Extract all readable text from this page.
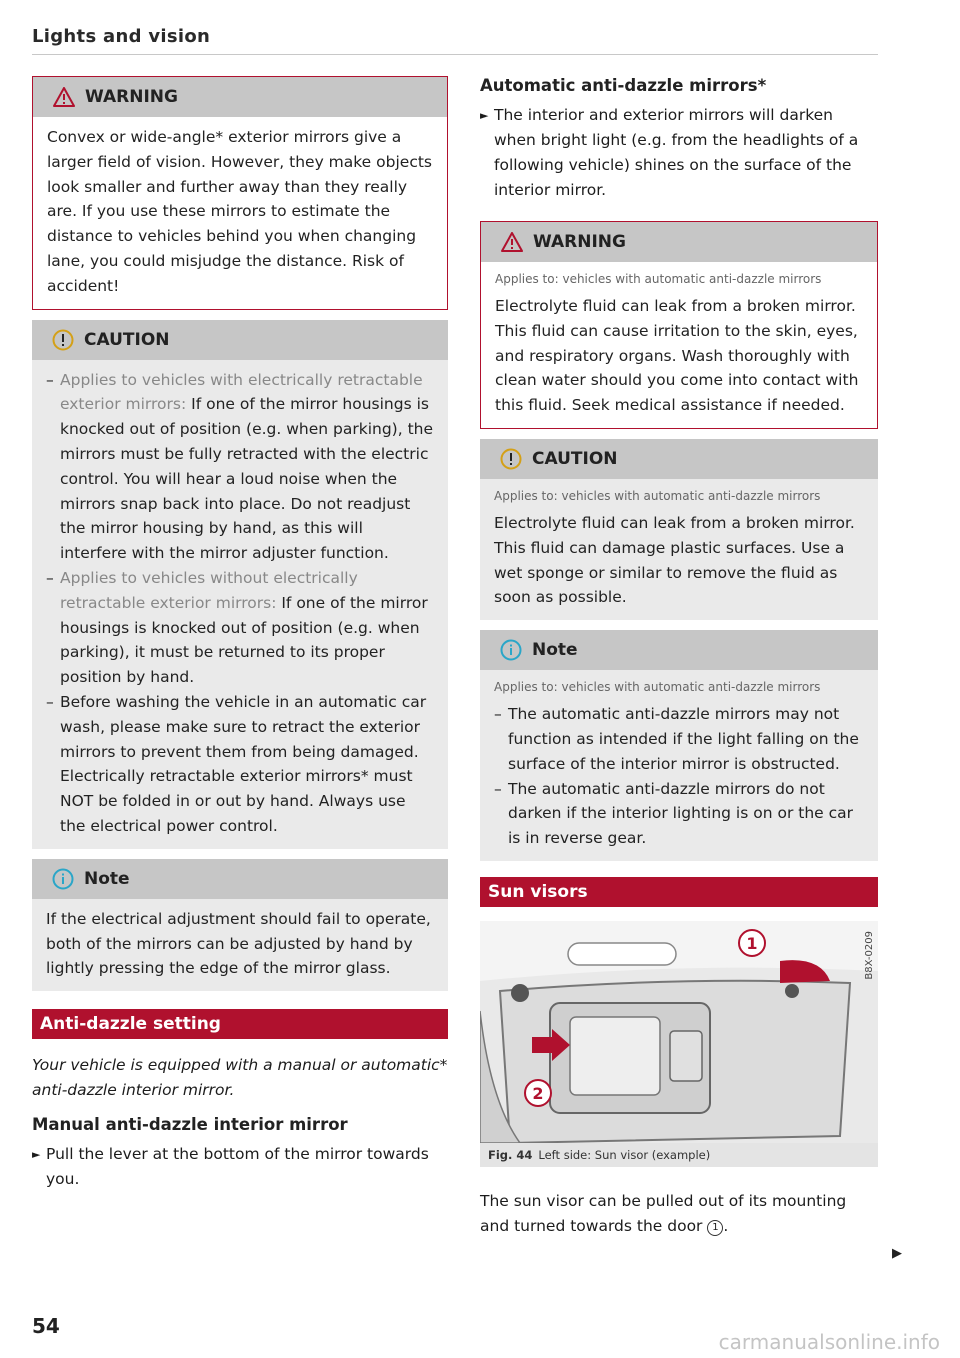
Lights and vision
WARNING
Convex or wide-angle* exterior mirrors give a larger field of vision. However, they make objects look smaller and further away than they really are. If you use these mirrors to estimate the distance to vehicles behind you when changing lane, you could misjudge the distance. Risk of accident!
CAUTION
– Applies to vehicles with electrically retractable exterior mirrors: If one of the mirror housings is knocked out of position (e.g. when parking), the mirrors must be fully retracted with the electric control. You will hear a loud noise when the mirrors snap back into place. Do not readjust the mirror housing by hand, as this will interfere with the mirror adjuster function.
– Applies to vehicles without electrically retractable exterior mirrors: If one of the mirror housings is knocked out of position (e.g. when parking), it must be returned to its proper position by hand.
– Before washing the vehicle in an automatic car wash, please make sure to retract the exterior mirrors to prevent them from being damaged. Electrically retractable exterior mirrors* must NOT be folded in or out by hand. Always use the electrical power control.
Note
If the electrical adjustment should fail to operate, both of the mirrors can be adjusted by hand by lightly pressing the edge of the mirror glass.
Anti-dazzle setting
Your vehicle is equipped with a manual or automatic* anti-dazzle interior mirror.
Manual anti-dazzle interior mirror
► Pull the lever at the bottom of the mirror towards you.
Automatic anti-dazzle mirrors*
► The interior and exterior mirrors will darken when bright light (e.g. from the headlights of a following vehicle) shines on the surface of the interior mirror.
WARNING
Applies to: vehicles with automatic anti-dazzle mirrors
Electrolyte fluid can leak from a broken mirror. This fluid can cause irritation to the skin, eyes, and respiratory organs. Wash thoroughly with clean water should you come into contact with this fluid. Seek medical assistance if needed.
CAUTION
Applies to: vehicles with automatic anti-dazzle mirrors
Electrolyte fluid can leak from a broken mirror. This fluid can damage plastic surfaces. Use a wet sponge or similar to remove the fluid as soon as possible.
Note
Applies to: vehicles with automatic anti-dazzle mirrors
– The automatic anti-dazzle mirrors may not function as intended if the light falling on the surface of the interior mirror is obstructed.
– The automatic anti-dazzle mirrors do not darken if the interior lighting is on or the car is in reverse gear.
Sun visors
1
2
B8X-0209
Fig. 44 Left side: Sun visor (example)
The sun visor can be pulled out of its mounting and turned towards the door 1 .
▶
54
carmanualsonline.info
